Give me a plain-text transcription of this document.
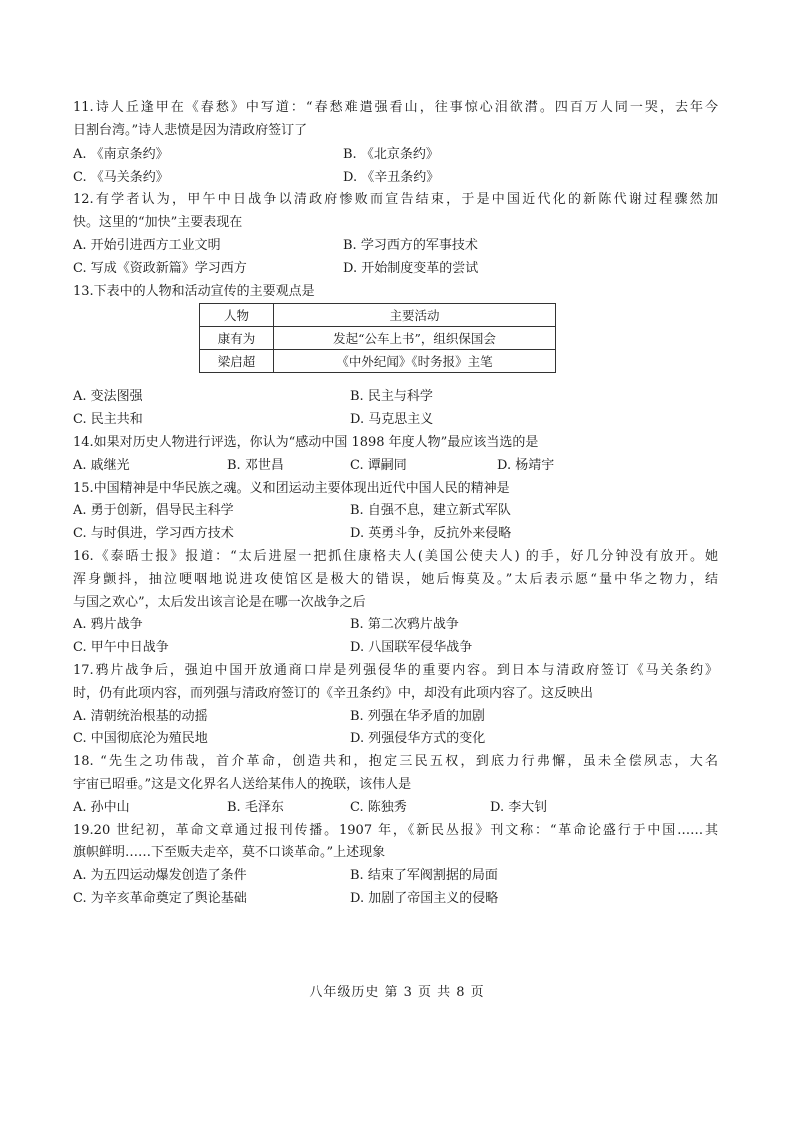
11.诗人丘逢甲在《春愁》中写道：“春愁难遣强看山，往事惊心泪欲潸。四百万人同一哭，去年今
日割台湾。”诗人悲愤是因为清政府签订了
A. 《南京条约》	B. 《北京条约》
C. 《马关条约》	D. 《辛丑条约》
12.有学者认为，甲午中日战争以清政府惨败而宣告结束，于是中国近代化的新陈代谢过程骤然加
快。这里的“加快”主要表现在
A. 开始引进西方工业文明	B. 学习西方的军事技术
C. 写成《资政新篇》学习西方	D. 开始制度变革的尝试
13.下表中的人物和活动宣传的主要观点是
人物	主要活动
康有为	发起“公车上书”，组织保国会
梁启超	《中外纪闻》《时务报》主笔
A. 变法图强	B. 民主与科学
C. 民主共和	D. 马克思主义
14.如果对历史人物进行评选，你认为“感动中国 1898 年度人物”最应该当选的是
A. 戚继光	B. 邓世昌	C. 谭嗣同	D. 杨靖宇
15.中国精神是中华民族之魂。义和团运动主要体现出近代中国人民的精神是
A. 勇于创新，倡导民主科学	B. 自强不息，建立新式军队
C. 与时俱进，学习西方技术	D. 英勇斗争，反抗外来侵略
16.《泰晤士报》报道：“太后进屋一把抓住康格夫人(美国公使夫人) 的手，好几分钟没有放开。她
浑身颤抖，抽泣哽咽地说进攻使馆区是极大的错误，她后悔莫及。”太后表示愿“量中华之物力，结
与国之欢心”，太后发出该言论是在哪一次战争之后
A. 鸦片战争	B. 第二次鸦片战争
C. 甲午中日战争	D. 八国联军侵华战争
17.鸦片战争后，强迫中国开放通商口岸是列强侵华的重要内容。到日本与清政府签订《马关条约》
时，仍有此项内容，而列强与清政府签订的《辛丑条约》中，却没有此项内容了。这反映出
A. 清朝统治根基的动摇	B. 列强在华矛盾的加剧
C. 中国彻底沦为殖民地	D. 列强侵华方式的变化
18. “先生之功伟哉，首介革命，创造共和，抱定三民五权，到底力行弗懈，虽未全偿夙志，大名
宇宙已昭垂。”这是文化界名人送给某伟人的挽联，该伟人是
A. 孙中山	B. 毛泽东	C. 陈独秀	D. 李大钊
19.20 世纪初，革命文章通过报刊传播。1907 年，《新民丛报》刊文称：“革命论盛行于中国……其
旗帜鲜明……下至贩夫走卒，莫不口谈革命。”上述现象
A. 为五四运动爆发创造了条件	B. 结束了军阀割据的局面
C. 为辛亥革命奠定了舆论基础	D. 加剧了帝国主义的侵略
八年级历史 第 3 页 共 8 页
